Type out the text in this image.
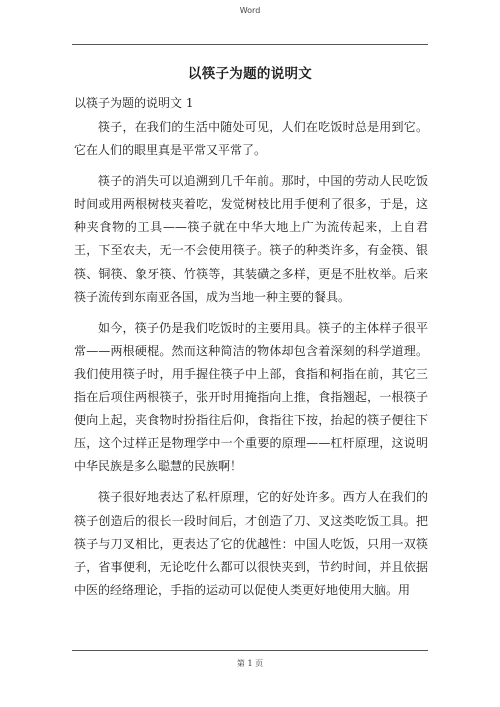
Word
以筷子为题的说明文
以筷子为题的说明文 1

筷子，在我们的生活中随处可见，人们在吃饭时总是用到它。它在人们的眼里真是平常又平常了。

筷子的消失可以追溯到几千年前。那时，中国的劳动人民吃饭时间或用两根树枝夹着吃，发觉树枝比用手便利了很多，于是，这种夹食物的工具——筷子就在中华大地上广为流传起来，上自君王，下至农夫，无一不会使用筷子。筷子的种类许多，有金筷、银筷、铜筷、象牙筷、竹筷等，其装磺之多样，更是不肚枚举。后来筷子流传到东南亚各国，成为当地一种主要的餐具。

如今，筷子仍是我们吃饭时的主要用具。筷子的主体样子很平常——两根硬棍。然而这种简洁的物体却包含着深刻的科学道理。我们使用筷子时，用手握住筷子中上部，食指和柯指在前，其它三指在后项住两根筷子，张开时用掩指向上推，食指翘起，一根筷子便向上起，夹食物时扮指往后仰，食指往下按，抬起的筷子便往下压，这个过样正是物理学中一个重要的原理——杠杆原理，这说明中华民族是多么聪慧的民族啊！

筷子很好地表达了私杆原理，它的好处许多。西方人在我们的筷子创造后的很长一段时间后，才创造了刀、叉这类吃饭工具。把筷子与刀叉相比，更表达了它的优越性：中国人吃饭，只用一双筷子，省事便利，无论吃什么都可以很快夹到，节约时间，并且依据中医的经络理论，手指的运动可以促使人类更好地使用大脑。用

第 1 页
